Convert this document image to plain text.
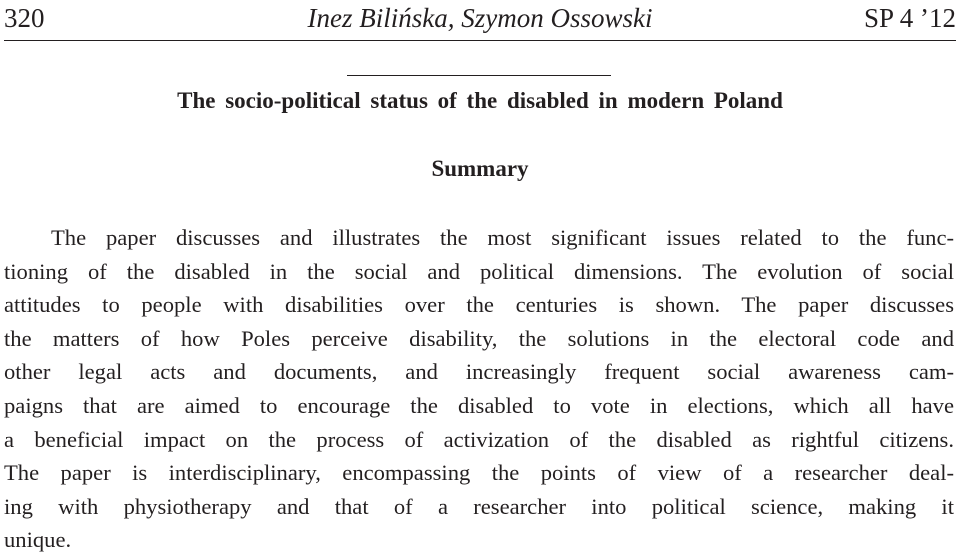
320	Inez Bilińska, Szymon Ossowski	SP 4 ’12
The socio-political status of the disabled in modern Poland
Summary

The paper discusses and illustrates the most significant issues related to the func-
tioning of the disabled in the social and political dimensions. The evolution of social
attitudes to people with disabilities over the centuries is shown. The paper discusses
the matters of how Poles perceive disability, the solutions in the electoral code and
other legal acts and documents, and increasingly frequent social awareness cam-
paigns that are aimed to encourage the disabled to vote in elections, which all have
a beneficial impact on the process of activization of the disabled as rightful citizens.
The paper is interdisciplinary, encompassing the points of view of a researcher deal-
ing with physiotherapy and that of a researcher into political science, making it
unique.
